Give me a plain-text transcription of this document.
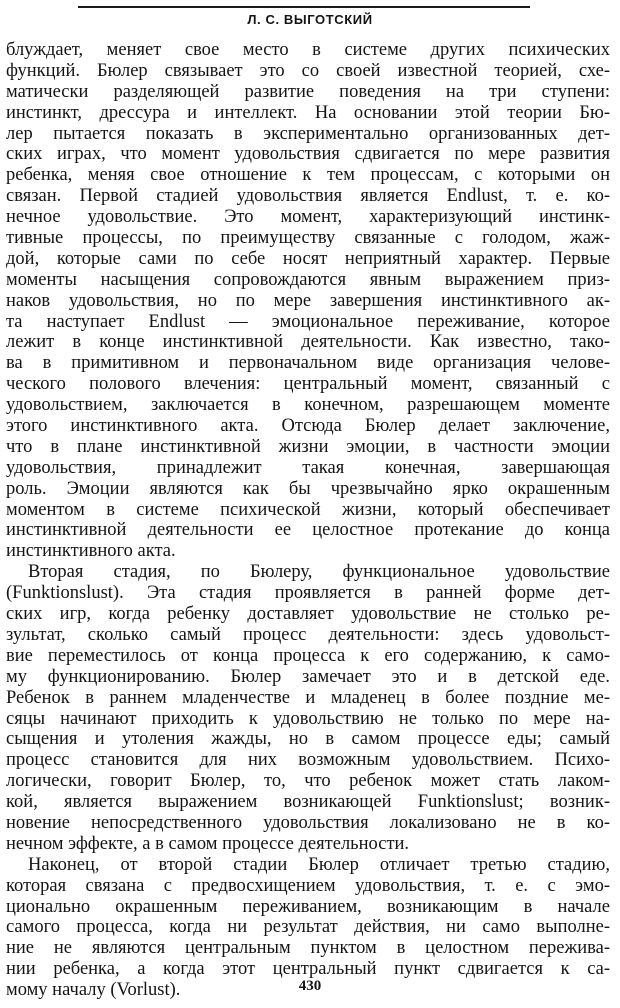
Л. С. ВЫГОТСКИЙ
блуждает, меняет свое место в системе других психических
функций. Бюлер связывает это со своей известной теорией, схе-
матически разделяющей развитие поведения на три ступени:
инстинкт, дрессура и интеллект. На основании этой теории Бю-
лер пытается показать в экспериментально организованных дет-
ских играх, что момент удовольствия сдвигается по мере развития
ребенка, меняя свое отношение к тем процессам, с которыми он
связан. Первой стадией удовольствия является Endlust, т. е. ко-
нечное удовольствие. Это момент, характеризующий инстинк-
тивные процессы, по преимуществу связанные с голодом, жаж-
дой, которые сами по себе носят неприятный характер. Первые
моменты насыщения сопровождаются явным выражением приз-
наков удовольствия, но по мере завершения инстинктивного ак-
та наступает Endlust — эмоциональное переживание, которое
лежит в конце инстинктивной деятельности. Как известно, тако-
ва в примитивном и первоначальном виде организация челове-
ческого полового влечения: центральный момент, связанный с
удовольствием, заключается в конечном, разрешающем моменте
этого инстинктивного акта. Отсюда Бюлер делает заключение,
что в плане инстинктивной жизни эмоции, в частности эмоции
удовольствия, принадлежит такая конечная, завершающая
роль. Эмоции являются как бы чрезвычайно ярко окрашенным
моментом в системе психической жизни, который обеспечивает
инстинктивной деятельности ее целостное протекание до конца
инстинктивного акта.
Вторая стадия, по Бюлеру, функциональное удовольствие
(Funktionslust). Эта стадия проявляется в ранней форме дет-
ских игр, когда ребенку доставляет удовольствие не столько ре-
зультат, сколько самый процесс деятельности: здесь удовольст-
вие переместилось от конца процесса к его содержанию, к само-
му функционированию. Бюлер замечает это и в детской еде.
Ребенок в раннем младенчестве и младенец в более поздние ме-
сяцы начинают приходить к удовольствию не только по мере на-
сыщения и утоления жажды, но в самом процессе еды; самый
процесс становится для них возможным удовольствием. Психо-
логически, говорит Бюлер, то, что ребенок может стать лаком-
кой, является выражением возникающей Funktionslust; возник-
новение непосредственного удовольствия локализовано не в ко-
нечном эффекте, а в самом процессе деятельности.
Наконец, от второй стадии Бюлер отличает третью стадию,
которая связана с предвосхищением удовольствия, т. е. с эмо-
ционально окрашенным переживанием, возникающим в начале
самого процесса, когда ни результат действия, ни само выполне-
ние не являются центральным пунктом в целостном пережива-
нии ребенка, а когда этот центральный пункт сдвигается к са-
мому началу (Vorlust).	430
